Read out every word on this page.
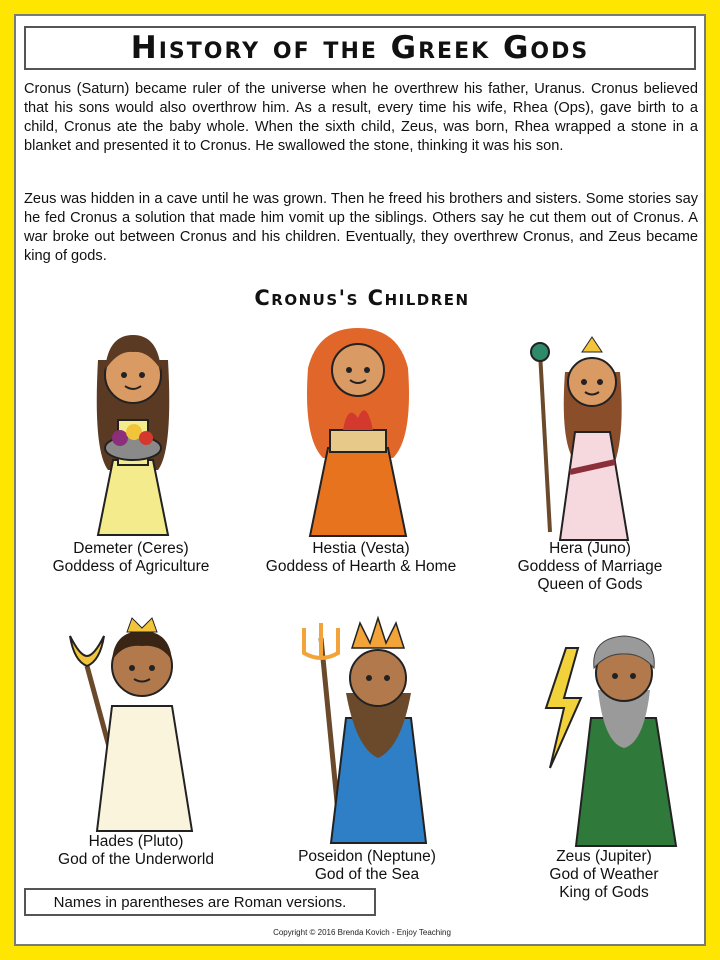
History of the Greek Gods

Cronus (Saturn) became ruler of the universe when he overthrew his father, Uranus. Cronus believed that his sons would also overthrow him. As a result, every time his wife, Rhea (Ops), gave birth to a child, Cronus ate the baby whole. When the sixth child, Zeus, was born, Rhea wrapped a stone in a blanket and presented it to Cronus. He swallowed the stone, thinking it was his son.

Zeus was hidden in a cave until he was grown. Then he freed his brothers and sisters. Some stories say he fed Cronus a solution that made him vomit up the siblings. Others say he cut them out of Cronus. A war broke out between Cronus and his children. Eventually, they overthrew Cronus, and Zeus became king of gods.

Cronus's Children
Demeter (Ceres)
Goddess of Agriculture
Hestia (Vesta)
Goddess of Hearth & Home
Hera (Juno)
Goddess of Marriage
Queen of Gods
Hades (Pluto)
God of the Underworld	Poseidon (Neptune)
God of the Sea
Zeus (Jupiter)
God of Weather
King of Gods
Names in parentheses are Roman versions.
Copyright © 2016 Brenda Kovich - Enjoy Teaching
